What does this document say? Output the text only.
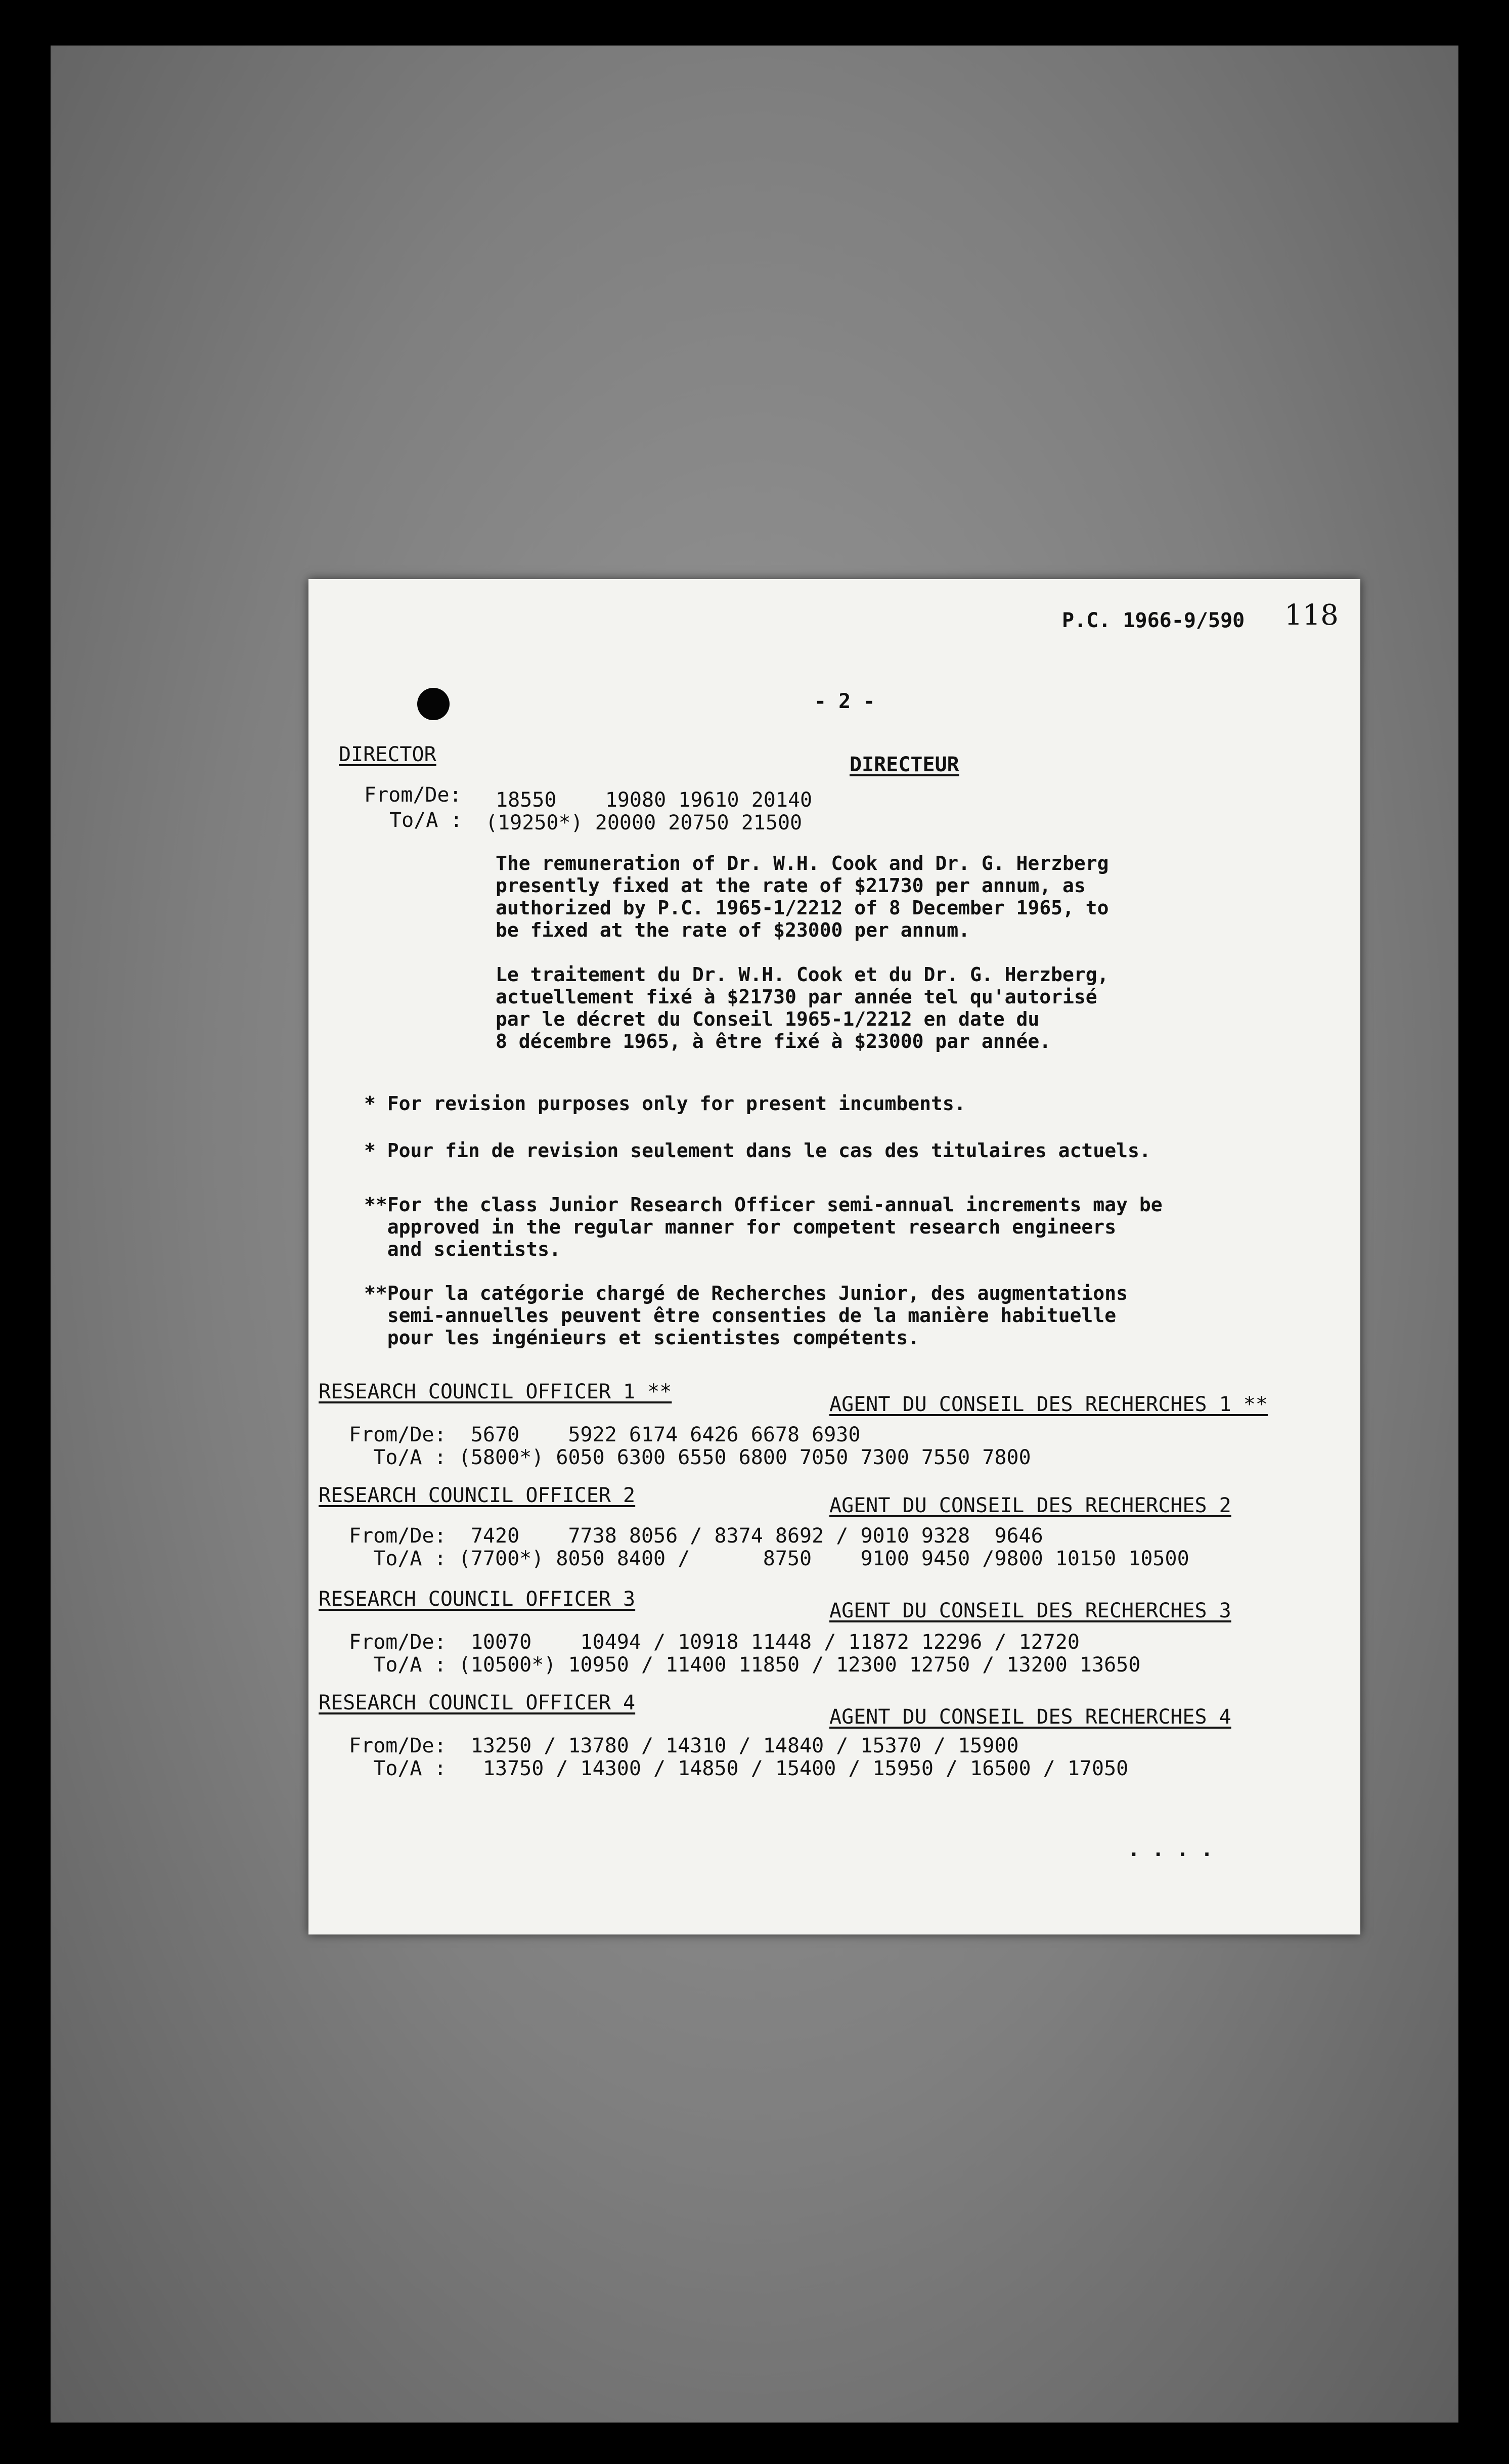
P.C. 1966-9/590 118
- 2 -
DIRECTOR	DIRECTEUR
From/De: 18550    19080 19610 20140
To/A : (19250*) 20000 20750 21500
The remuneration of Dr. W.H. Cook and Dr. G. Herzberg
presently fixed at the rate of $21730 per annum, as
authorized by P.C. 1965-1/2212 of 8 December 1965, to
be fixed at the rate of $23000 per annum.
Le traitement du Dr. W.H. Cook et du Dr. G. Herzberg,
actuellement fixé à $21730 par année tel qu'autorisé
par le décret du Conseil 1965-1/2212 en date du
8 décembre 1965, à être fixé à $23000 par année.
* For revision purposes only for present incumbents.
* Pour fin de revision seulement dans le cas des titulaires actuels.
**For the class Junior Research Officer semi-annual increments may be
approved in the regular manner for competent research engineers
and scientists.
**Pour la catégorie chargé de Recherches Junior, des augmentations
semi-annuelles peuvent être consenties de la manière habituelle
pour les ingénieurs et scientistes compétents.
RESEARCH COUNCIL OFFICER 1 **
AGENT DU CONSEIL DES RECHERCHES 1 **
From/De:  5670    5922 6174 6426 6678 6930
To/A : (5800*) 6050 6300 6550 6800 7050 7300 7550 7800
RESEARCH COUNCIL OFFICER 2	AGENT DU CONSEIL DES RECHERCHES 2
From/De:  7420    7738 8056 / 8374 8692 / 9010 9328  9646
To/A : (7700*) 8050 8400 /      8750    9100 9450 /9800 10150 10500
RESEARCH COUNCIL OFFICER 3	AGENT DU CONSEIL DES RECHERCHES 3
From/De:  10070    10494 / 10918 11448 / 11872 12296 / 12720
To/A : (10500*) 10950 / 11400 11850 / 12300 12750 / 13200 13650
RESEARCH COUNCIL OFFICER 4
AGENT DU CONSEIL DES RECHERCHES 4
From/De:  13250 / 13780 / 14310 / 14840 / 15370 / 15900
To/A :   13750 / 14300 / 14850 / 15400 / 15950 / 16500 / 17050
. . . .
